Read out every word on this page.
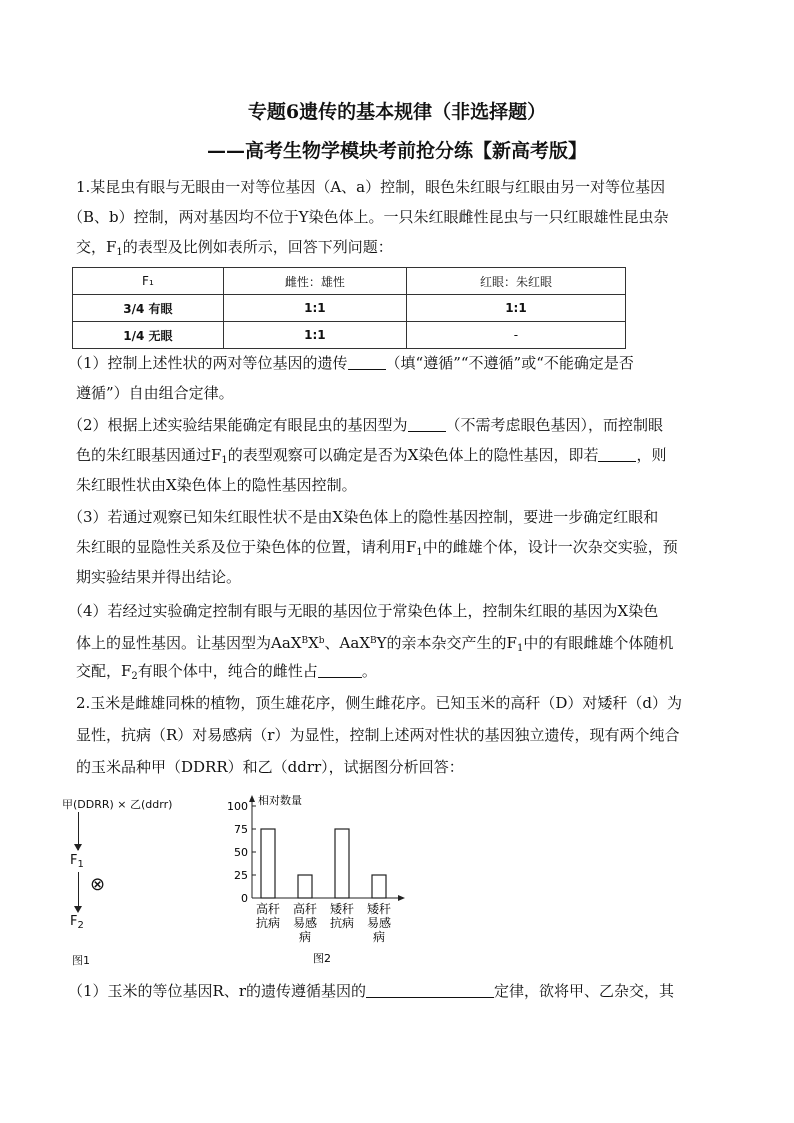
专题6遗传的基本规律（非选择题）
——高考生物学模块考前抢分练【新高考版】
1.某昆虫有眼与无眼由一对等位基因（A、a）控制，眼色朱红眼与红眼由另一对等位基因
（B、b）控制，两对基因均不位于Y染色体上。一只朱红眼雌性昆虫与一只红眼雄性昆虫杂
交，$F_1$的表型及比例如表所示，回答下列问题：
F₁	雌性：雄性	红眼：朱红眼
3/4 有眼	1:1	1:1
1/4 无眼	1:1	-
（1）控制上述性状的两对等位基因的遗传	（填“遵循”“不遵循”或“不能确定是否
遵循”）自由组合定律。
（2）根据上述实验结果能确定有眼昆虫的基因型为	（不需考虑眼色基因），而控制眼
色的朱红眼基因通过$F_1$的表型观察可以确定是否为X染色体上的隐性基因，即若	，则
朱红眼性状由X染色体上的隐性基因控制。
（3）若通过观察已知朱红眼性状不是由X染色体上的隐性基因控制，要进一步确定红眼和
朱红眼的显隐性关系及位于染色体的位置，请利用$F_1$中的雌雄个体，设计一次杂交实验，预
期实验结果并得出结论。
（4）若经过实验确定控制有眼与无眼的基因位于常染色体上，控制朱红眼的基因为X染色
体上的显性基因。让基因型为$AaX^BX^b$、AaX$^B$Y的亲本杂交产生的$F_1$中的有眼雌雄个体随机
交配，$F_2$有眼个体中，纯合的雌性占	。
2.玉米是雌雄同株的植物，顶生雄花序，侧生雌花序。已知玉米的高秆（D）对矮秆（d）为
显性，抗病（R）对易感病（r）为显性，控制上述两对性状的基因独立遗传，现有两个纯合
的玉米品种甲（DDRR）和乙（ddrr），试据图分析回答：
甲(DDRR) × 乙(ddrr)
$F_1$
⊗
$F_2$
图1
0
25
50
75
100 相对数量
高秆
抗病
高秆
易感
病
矮秆
抗病
矮秆
易感
病
图2
（1）玉米的等位基因R、r的遗传遵循基因的	定律，欲将甲、乙杂交，其
